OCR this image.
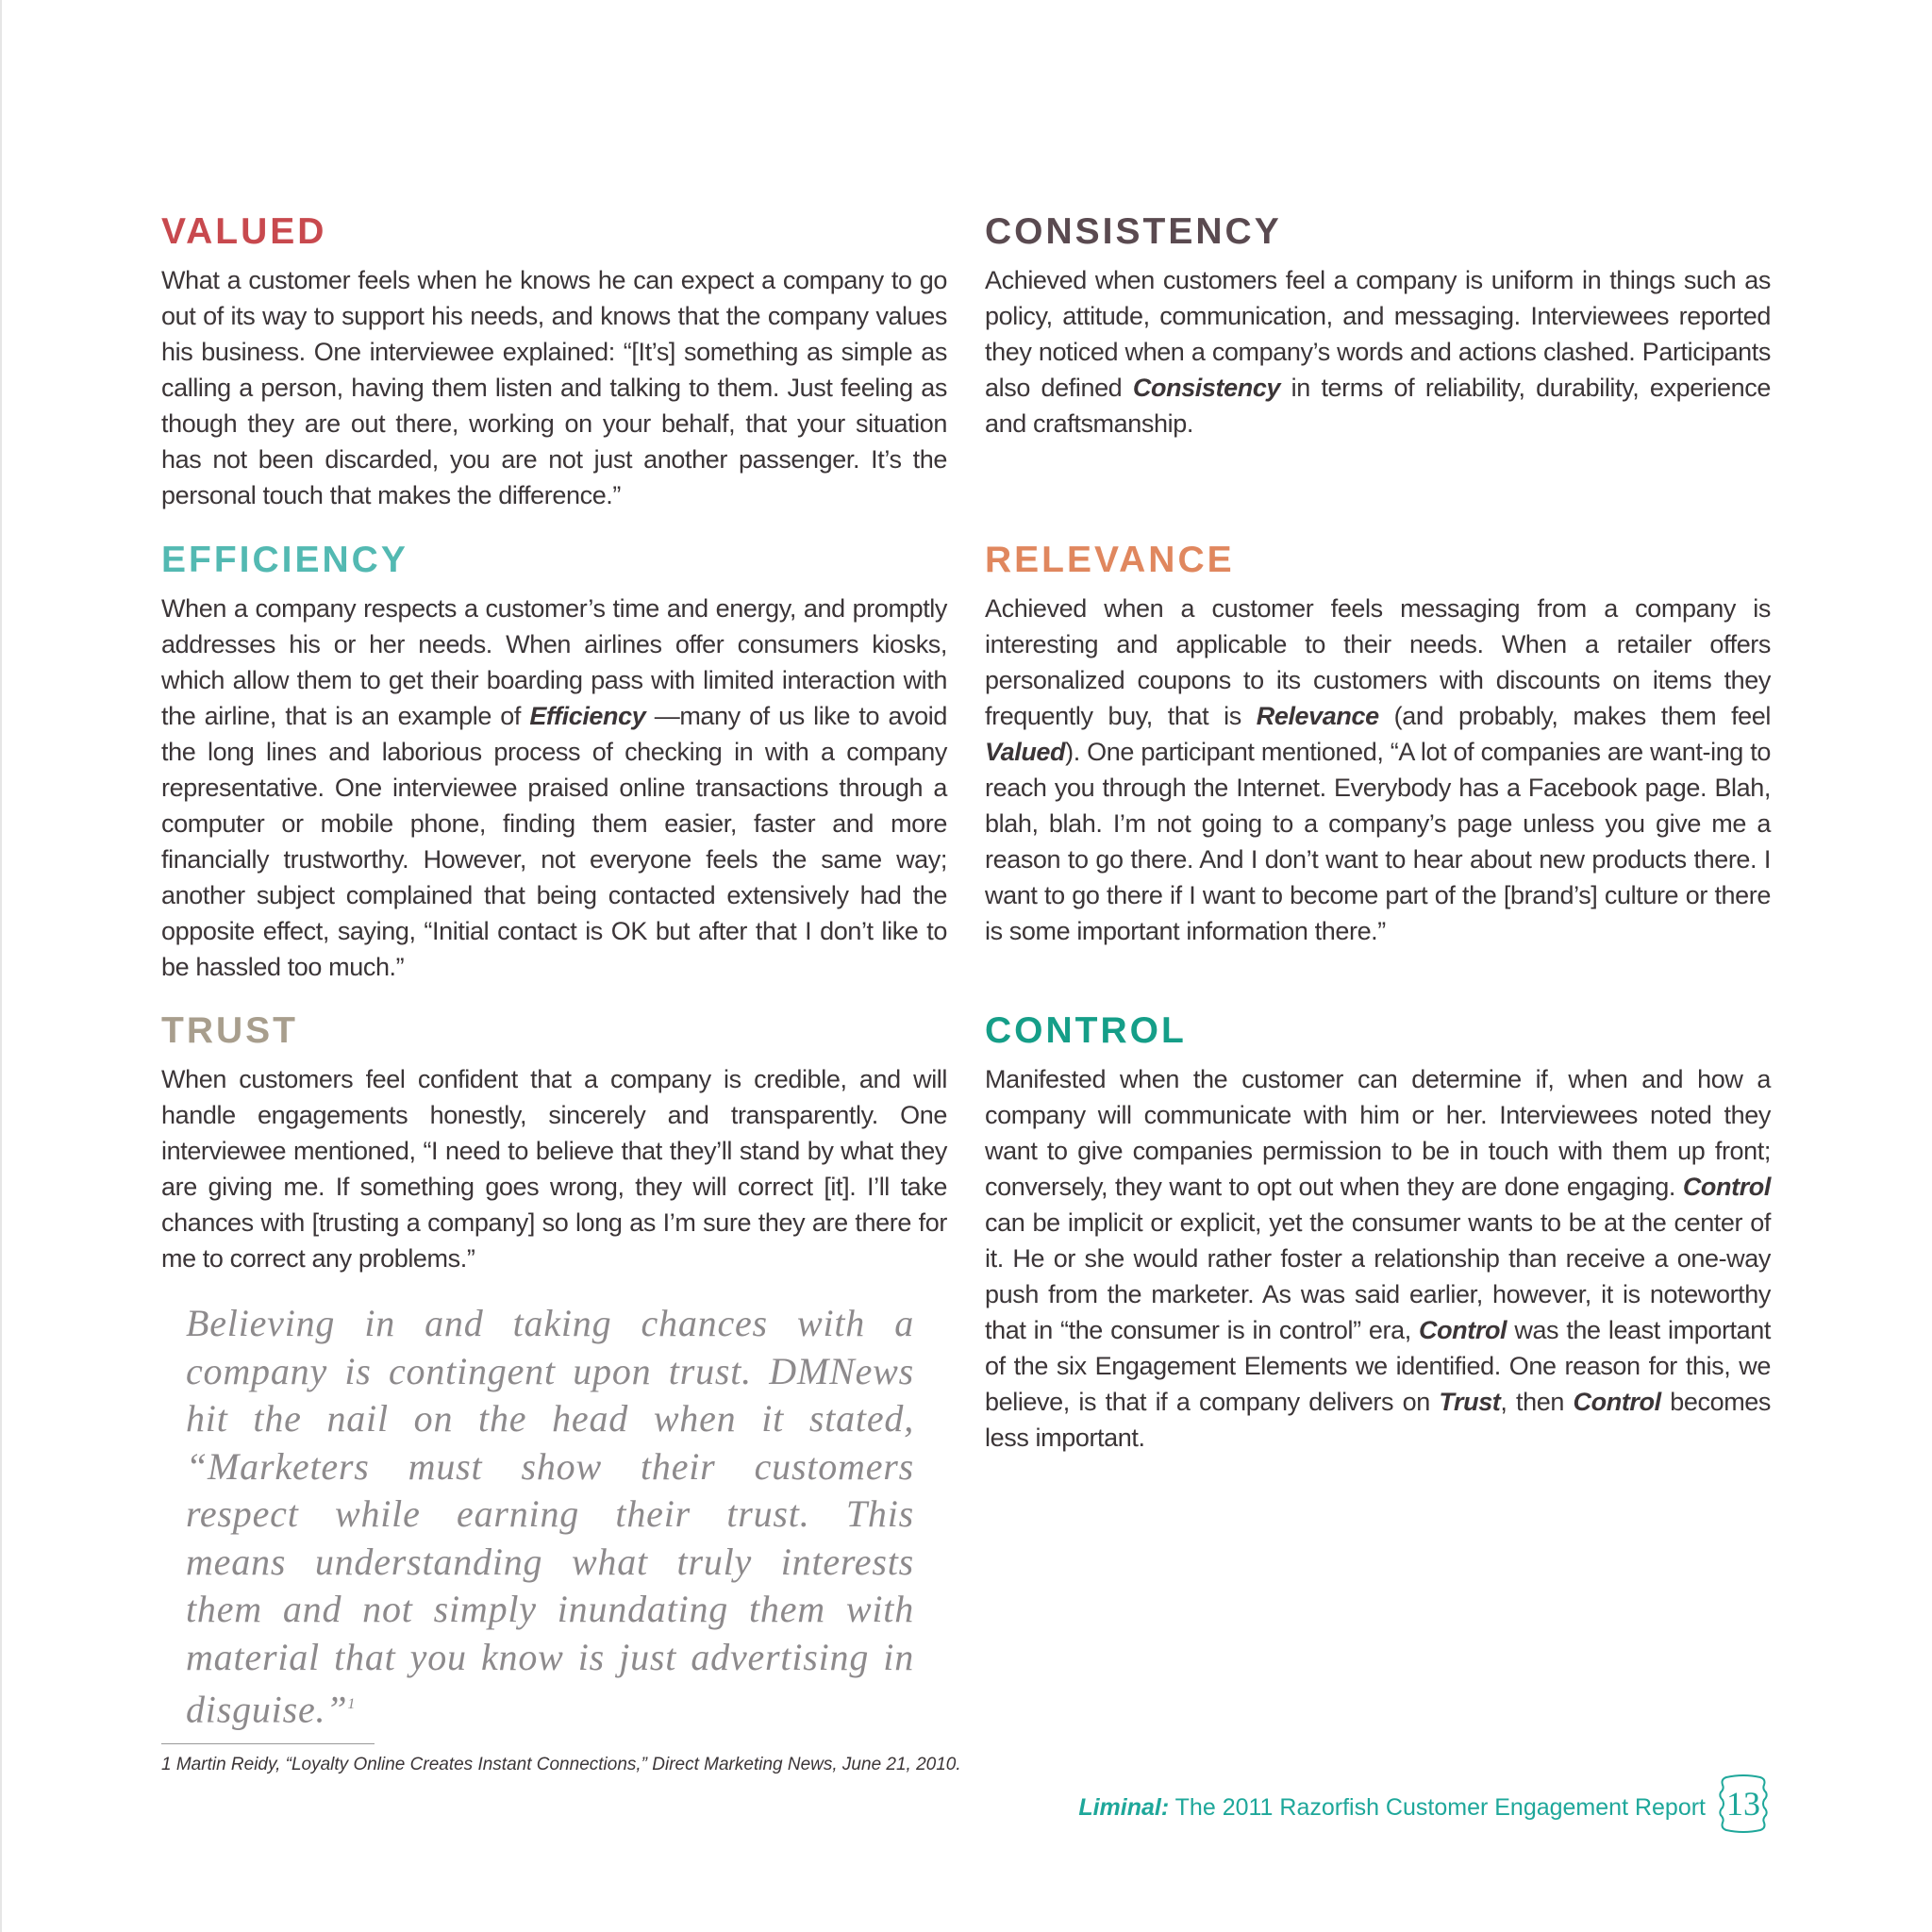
VALUED

What a customer feels when he knows he can expect a company to go out of its way to support his needs, and knows that the company values his business. One interviewee explained: “[It’s] something as simple as calling a person, having them listen and talking to them. Just feeling as though they are out there, working on your behalf, that your situation has not been discarded, you are not just another passenger. It’s the personal touch that makes the difference.”

EFFICIENCY

When a company respects a customer’s time and energy, and promptly addresses his or her needs. When airlines offer consumers kiosks, which allow them to get their boarding pass with limited interaction with the airline, that is an example of Efficiency —many of us like to avoid the long lines and laborious process of checking in with a company representative. One interviewee praised online transactions through a computer or mobile phone, finding them easier, faster and more financially trustworthy. However, not everyone feels the same way; another subject complained that being contacted extensively had the opposite effect, saying, “Initial contact is OK but after that I don’t like to be hassled too much.”

TRUST

When customers feel confident that a company is credible, and will handle engagements honestly, sincerely and transparently. One interviewee mentioned, “I need to believe that they’ll stand by what they are giving me. If something goes wrong, they will correct [it]. I’ll take chances with [trusting a company] so long as I’m sure they are there for me to correct any problems.”

Believing in and taking chances with a company is contingent upon trust. DMNews hit the nail on the head when it stated, “Marketers must show their customers respect while earning their trust. This means understanding what truly interests them and not simply inundating them with material that you know is just advertising in disguise.”$^1$
CONSISTENCY

Achieved when customers feel a company is uniform in things such as policy, attitude, communication, and messaging. Interviewees reported they noticed when a company’s words and actions clashed. Participants also defined Consistency in terms of reliability, durability, experience and craftsmanship.

RELEVANCE

Achieved when a customer feels messaging from a company is interesting and applicable to their needs. When a retailer offers personalized coupons to its customers with discounts on items they frequently buy, that is Relevance (and probably, makes them feel Valued). One participant mentioned, “A lot of companies are want-ing to reach you through the Internet. Everybody has a Facebook page. Blah, blah, blah. I’m not going to a company’s page unless you give me a reason to go there. And I don’t want to hear about new products there. I want to go there if I want to become part of the [brand’s] culture or there is some important information there.”

CONTROL

Manifested when the customer can determine if, when and how a company will communicate with him or her. Interviewees noted they want to give companies permission to be in touch with them up front; conversely, they want to opt out when they are done engaging. Control can be implicit or explicit, yet the consumer wants to be at the center of it. He or she would rather foster a relationship than receive a one-way push from the marketer. As was said earlier, however, it is noteworthy that in “the consumer is in control” era, Control was the least important of the six Engagement Elements we identified. One reason for this, we believe, is that if a company delivers on Trust, then Control becomes less important.

1 Martin Reidy, “Loyalty Online Creates Instant Connections,” Direct Marketing News, June 21, 2010.
Liminal: The 2011 Razorfish Customer Engagement Report 13
